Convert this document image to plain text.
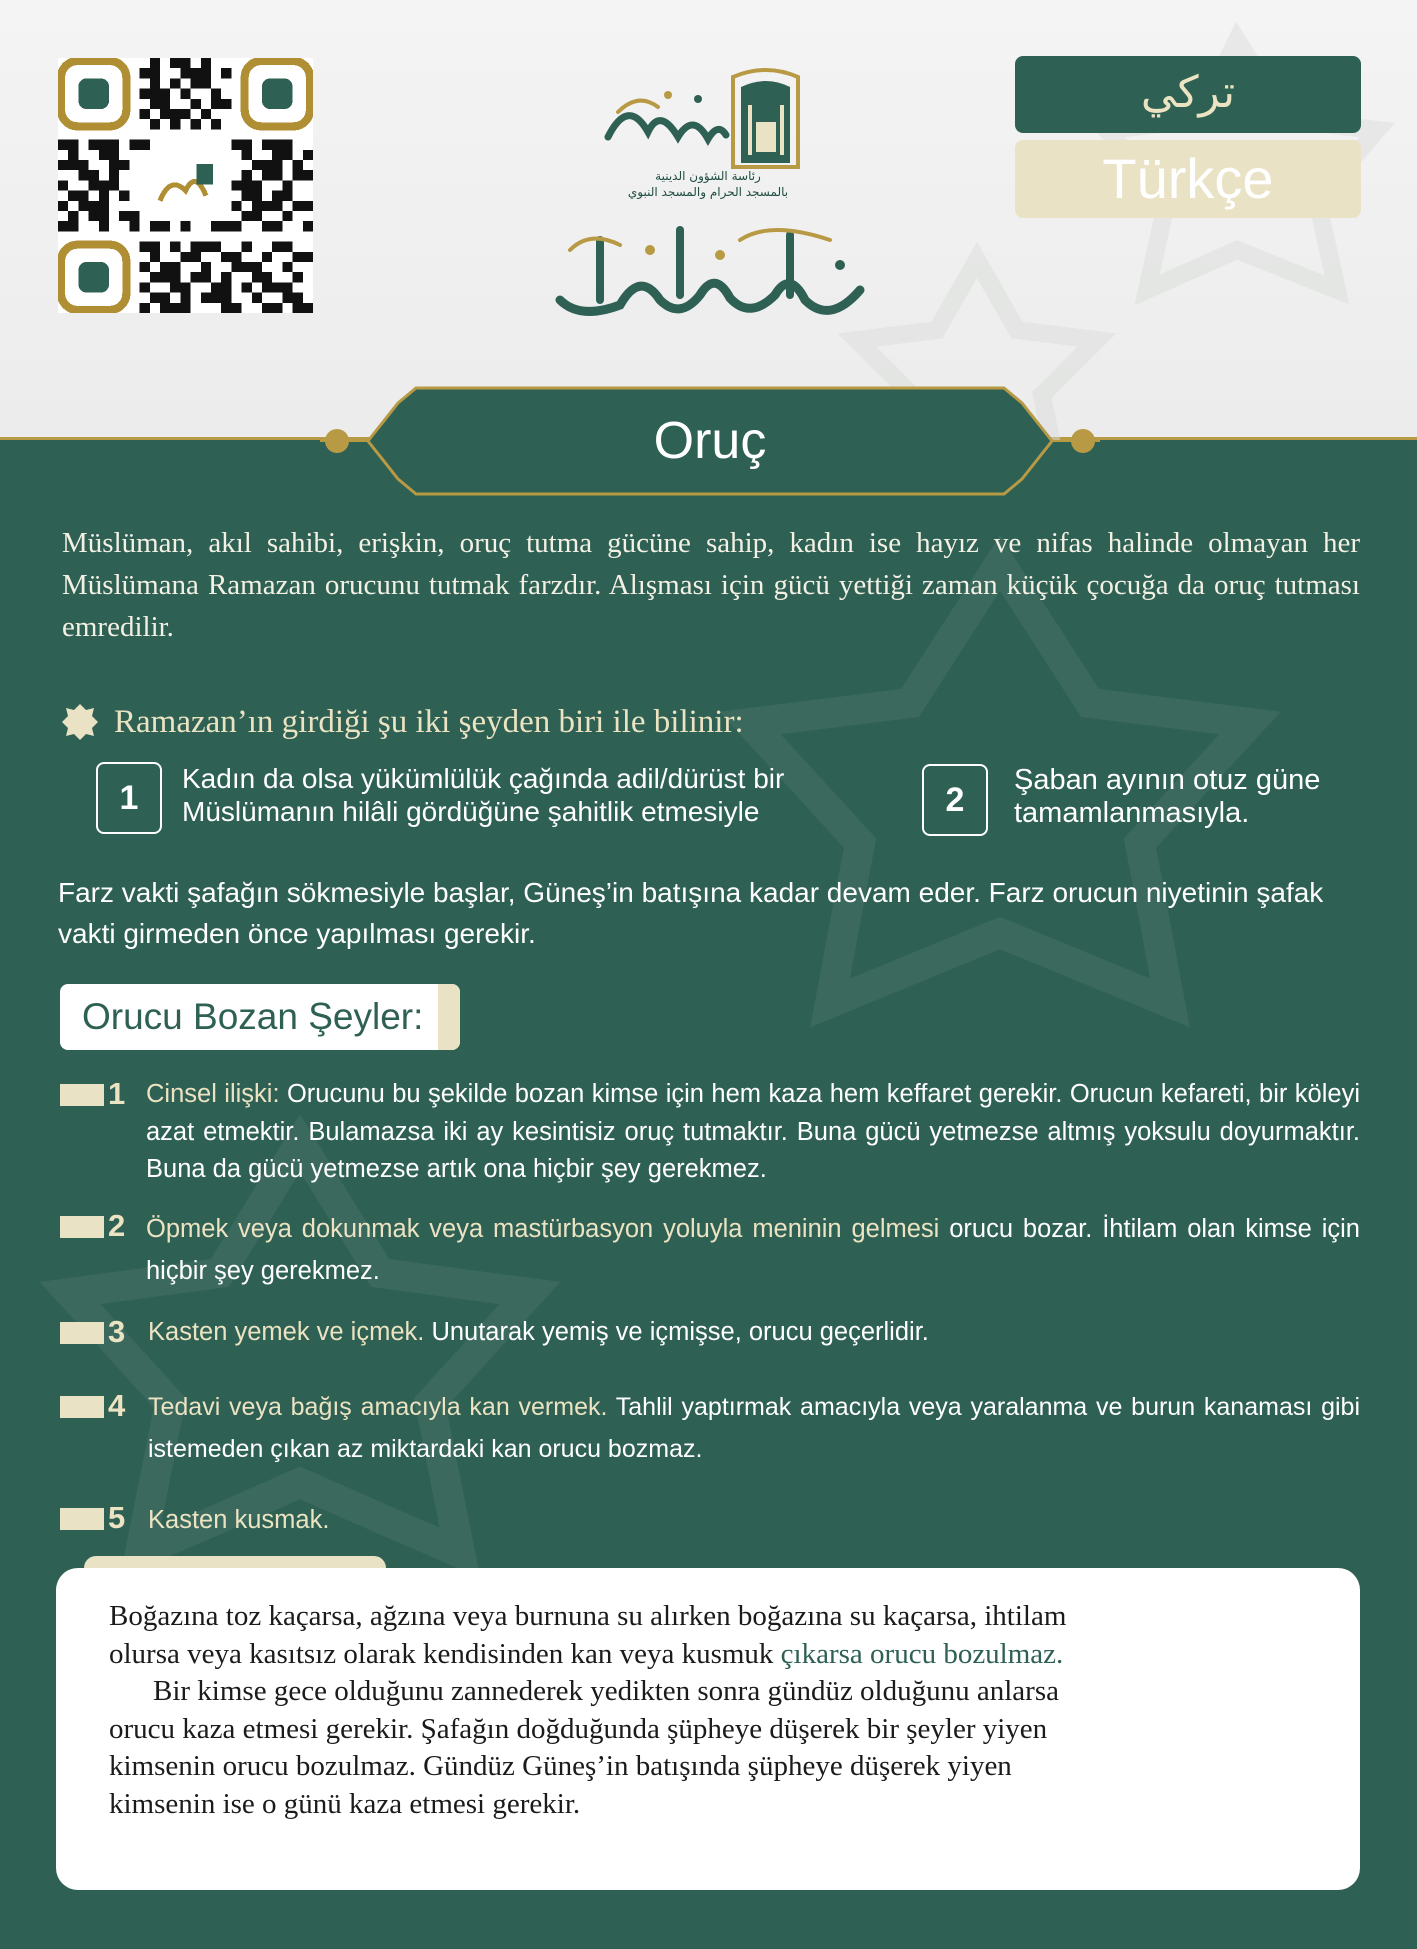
رئاسة الشؤون الدينية
بالمسجد الحرام والمسجد النبوي
تركي
Türkçe
Oruç
Müslüman, akıl sahibi, erişkin, oruç tutma gücüne sahip, kadın ise hayız ve nifas halinde olmayan her Müslümana Ramazan orucunu tutmak farzdır. Alışması için gücü yettiği zaman küçük çocuğa da oruç tutması emredilir.
Ramazan’ın girdiği şu iki şeyden biri ile bilinir:
1
Kadın da olsa yükümlülük çağında adil/dürüst bir
Müslümanın hilâli gördüğüne şahitlik etmesiyle	2
Şaban ayının otuz güne
tamamlanmasıyla.
Farz vakti şafağın sökmesiyle başlar, Güneş’in batışına kadar devam eder. Farz orucun niyetinin şafak vakti girmeden önce yapılması gerekir.
Orucu Bozan Şeyler:
1 Cinsel ilişki: Orucunu bu şekilde bozan kimse için hem kaza hem keffaret gerekir. Orucun kefareti, bir köleyi azat etmektir. Bulamazsa iki ay kesintisiz oruç tutmaktır. Buna gücü yetmezse altmış yoksulu doyurmaktır. Buna da gücü yetmezse artık ona hiçbir şey gerekmez.
2 Öpmek veya dokunmak veya mastürbasyon yoluyla meninin gelmesi orucu bozar. İhtilam olan kimse için hiçbir şey gerekmez.
3 Kasten yemek ve içmek. Unutarak yemiş ve içmişse, orucu geçerlidir.
4 Tedavi veya bağış amacıyla kan vermek. Tahlil yaptırmak amacıyla veya yaralanma ve burun kanaması gibi istemeden çıkan az miktardaki kan orucu bozmaz.
5 Kasten kusmak.
Boğazına toz kaçarsa, ağzına veya burnuna su alırken boğazına su kaçarsa, ihtilam
olursa veya kasıtsız olarak kendisinden kan veya kusmuk çıkarsa orucu bozulmaz.
Bir kimse gece olduğunu zannederek yedikten sonra gündüz olduğunu anlarsa
orucu kaza etmesi gerekir. Şafağın doğduğunda şüpheye düşerek bir şeyler yiyen
kimsenin orucu bozulmaz. Gündüz Güneş’in batışında şüpheye düşerek yiyen
kimsenin ise o günü kaza etmesi gerekir.
